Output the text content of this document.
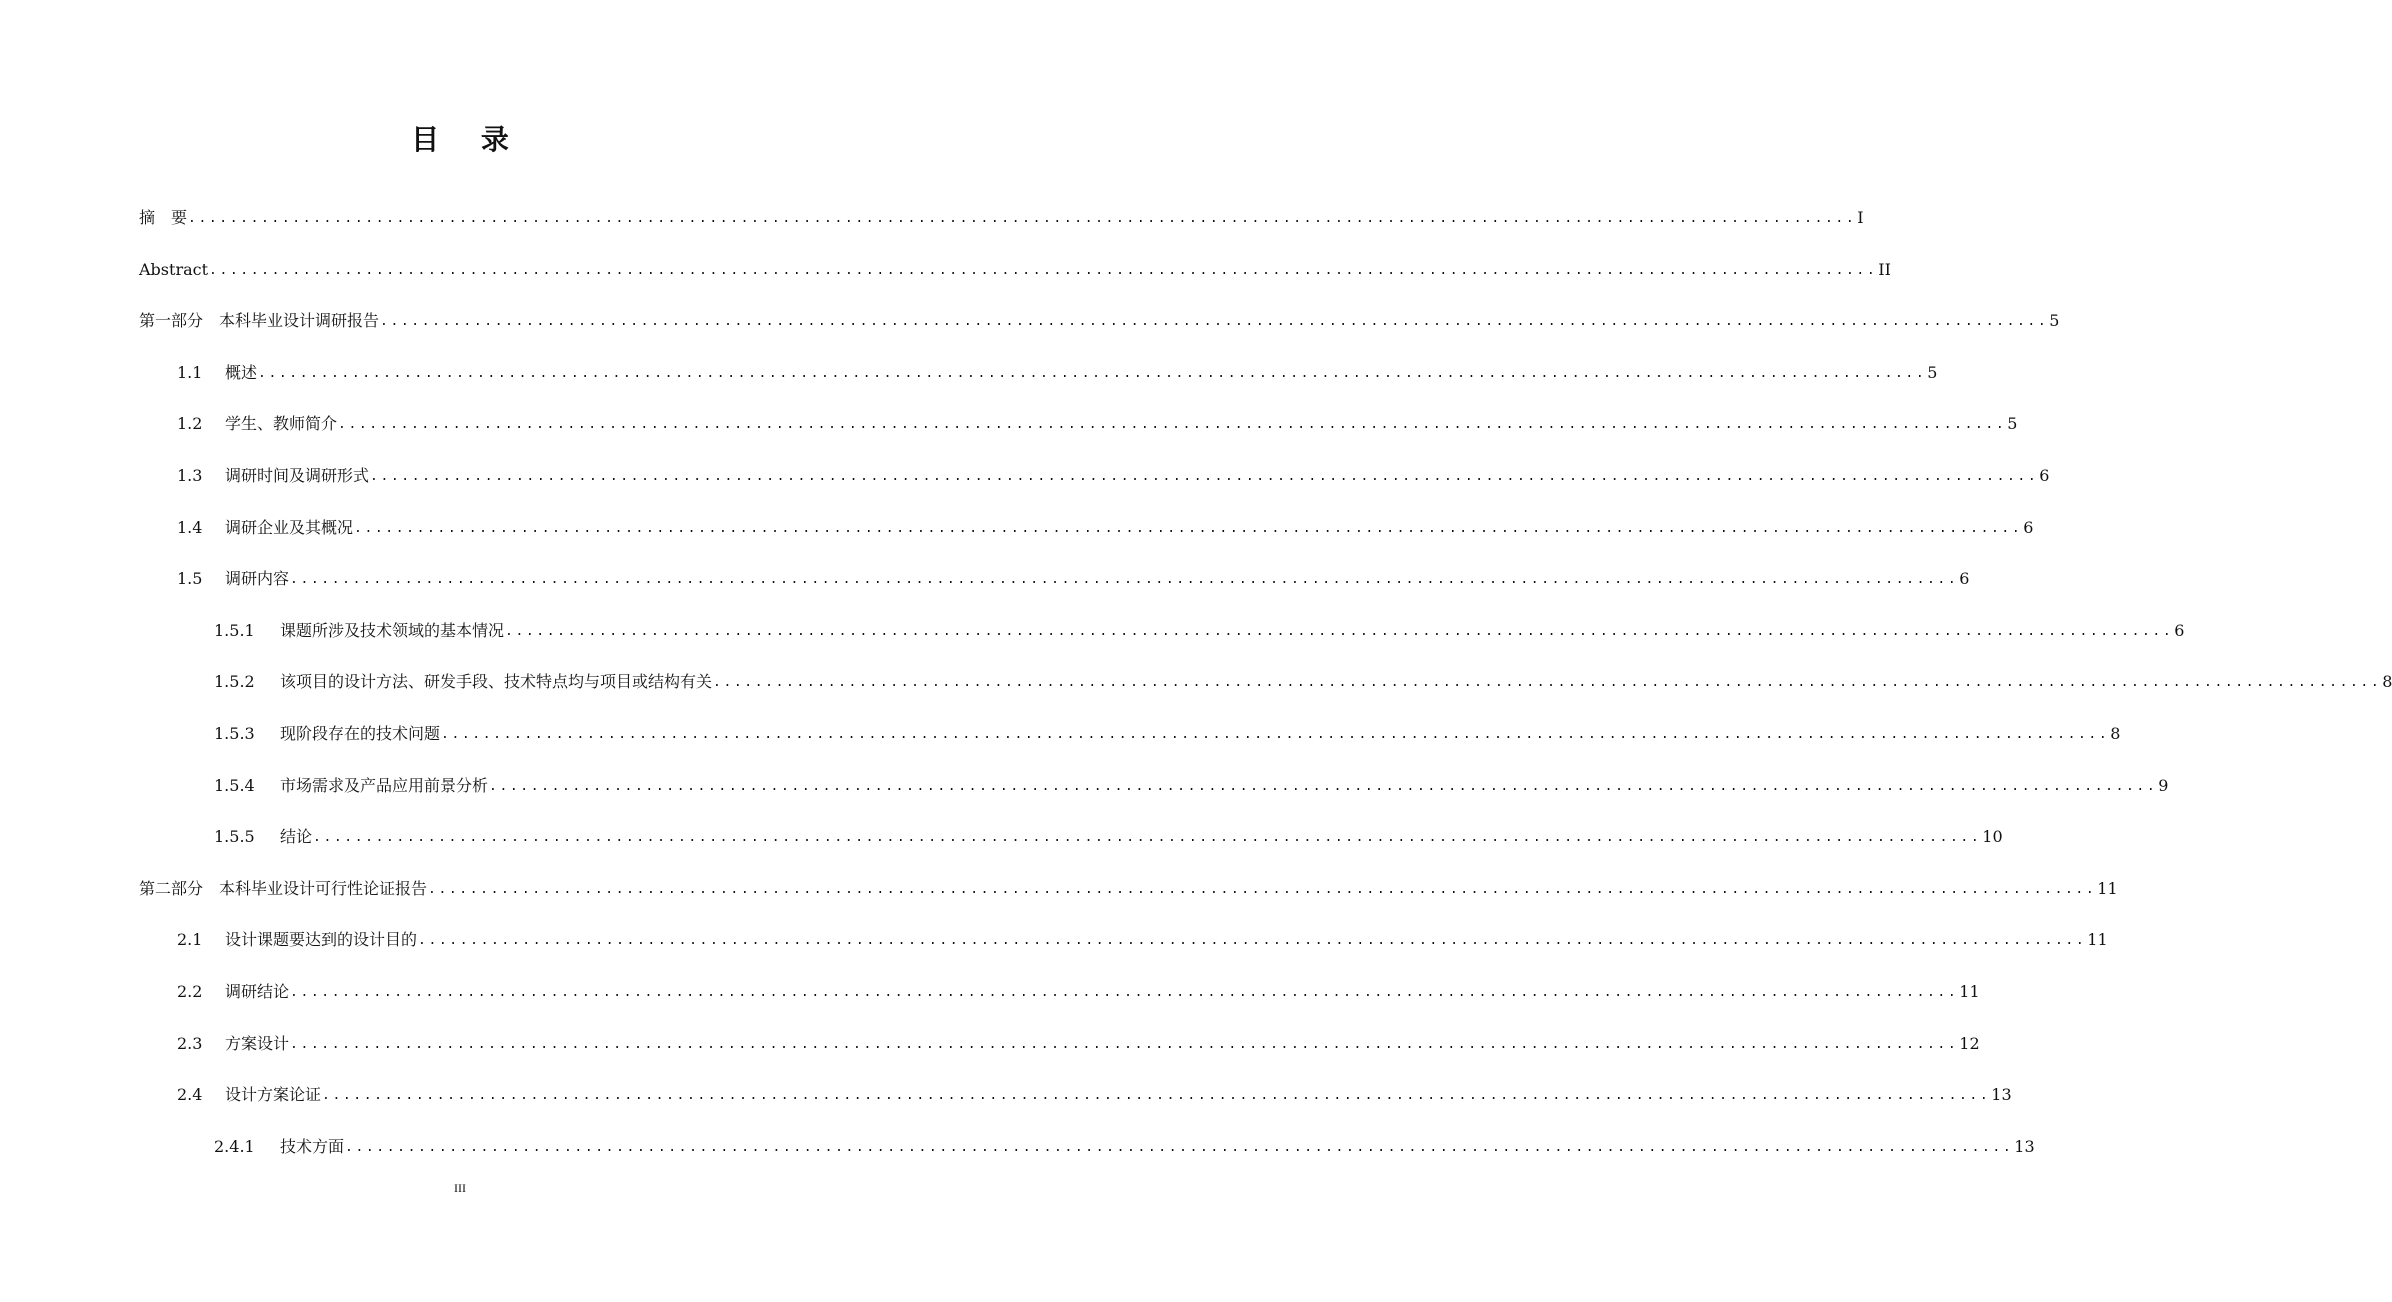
目 录
摘　要 ................................................................................................................................................................ I
Abstract ................................................................................................................................................................ II
第一部分　本科毕业设计调研报告 ................................................................................................................................................................ 5
1.1	概述 ................................................................................................................................................................ 5
1.2	学生、教师简介 ................................................................................................................................................................ 5
1.3	调研时间及调研形式 ................................................................................................................................................................ 6
1.4	调研企业及其概况 ................................................................................................................................................................ 6
1.5	调研内容 ................................................................................................................................................................ 6
1.5.1	课题所涉及技术领域的基本情况 ................................................................................................................................................................ 6
1.5.2	该项目的设计方法、研发手段、技术特点均与项目或结构有关 ................................................................................................................................................................ 8
1.5.3	现阶段存在的技术问题 ................................................................................................................................................................ 8
1.5.4	市场需求及产品应用前景分析 ................................................................................................................................................................ 9
1.5.5	结论 ................................................................................................................................................................ 10
第二部分　本科毕业设计可行性论证报告 ................................................................................................................................................................ 11
2.1	设计课题要达到的设计目的 ................................................................................................................................................................ 11
2.2	调研结论 ................................................................................................................................................................ 11
2.3	方案设计 ................................................................................................................................................................ 12
2.4	设计方案论证 ................................................................................................................................................................ 13
2.4.1	技术方面 ................................................................................................................................................................ 13
III
